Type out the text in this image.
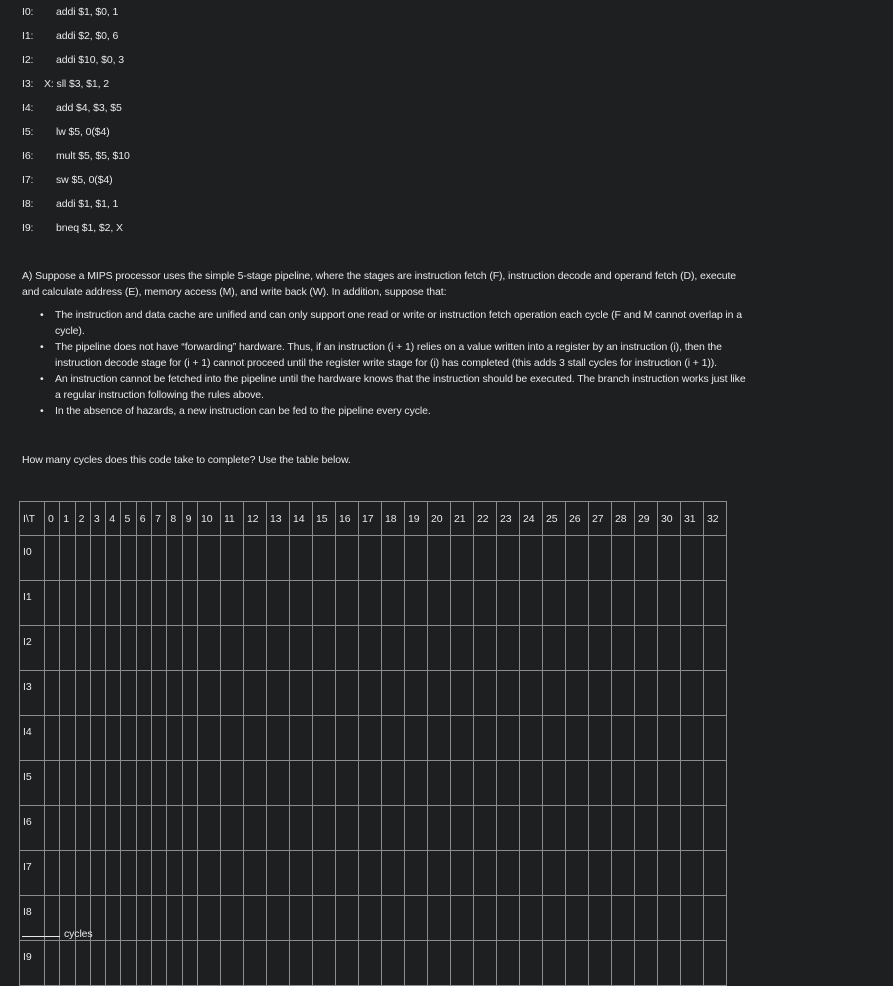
I0:	addi $1, $0, 1
I1:	addi $2, $0, 6
I2:	addi $10, $0, 3
I3:	X: sll $3, $1, 2
I4:	add $4, $3, $5
I5:	lw $5, 0($4)
I6:	mult $5, $5, $10
I7:	sw $5, 0($4)
I8:	addi $1, $1, 1
I9:	bneq $1, $2, X
A) Suppose a MIPS processor uses the simple 5-stage pipeline, where the stages are instruction fetch (F), instruction decode and operand fetch (D), execute and calculate address (E), memory access (M), and write back (W). In addition, suppose that:
• The instruction and data cache are unified and can only support one read or write or instruction fetch operation each cycle (F and M cannot overlap in a cycle).
• The pipeline does not have “forwarding” hardware. Thus, if an instruction (i + 1) relies on a value written into a register by an instruction (i), then the instruction decode stage for (i + 1) cannot proceed until the register write stage for (i) has completed (this adds 3 stall cycles for instruction (i + 1)).
• An instruction cannot be fetched into the pipeline until the hardware knows that the instruction should be executed. The branch instruction works just like a regular instruction following the rules above.
• In the absence of hazards, a new instruction can be fed to the pipeline every cycle.
How many cycles does this code take to complete? Use the table below.
I\T	0	1	2	3	4	5	6	7	8	9	10	11	12	13	14	15	16	17	18	19	20	21	22	23	24	25	26	27	28	29	30	31	32
I0																																	
I1																																	
I2																																	
I3																																	
I4																																	
I5																																	
I6																																	
I7																																	
I8																																	
I9																																	
cycles
